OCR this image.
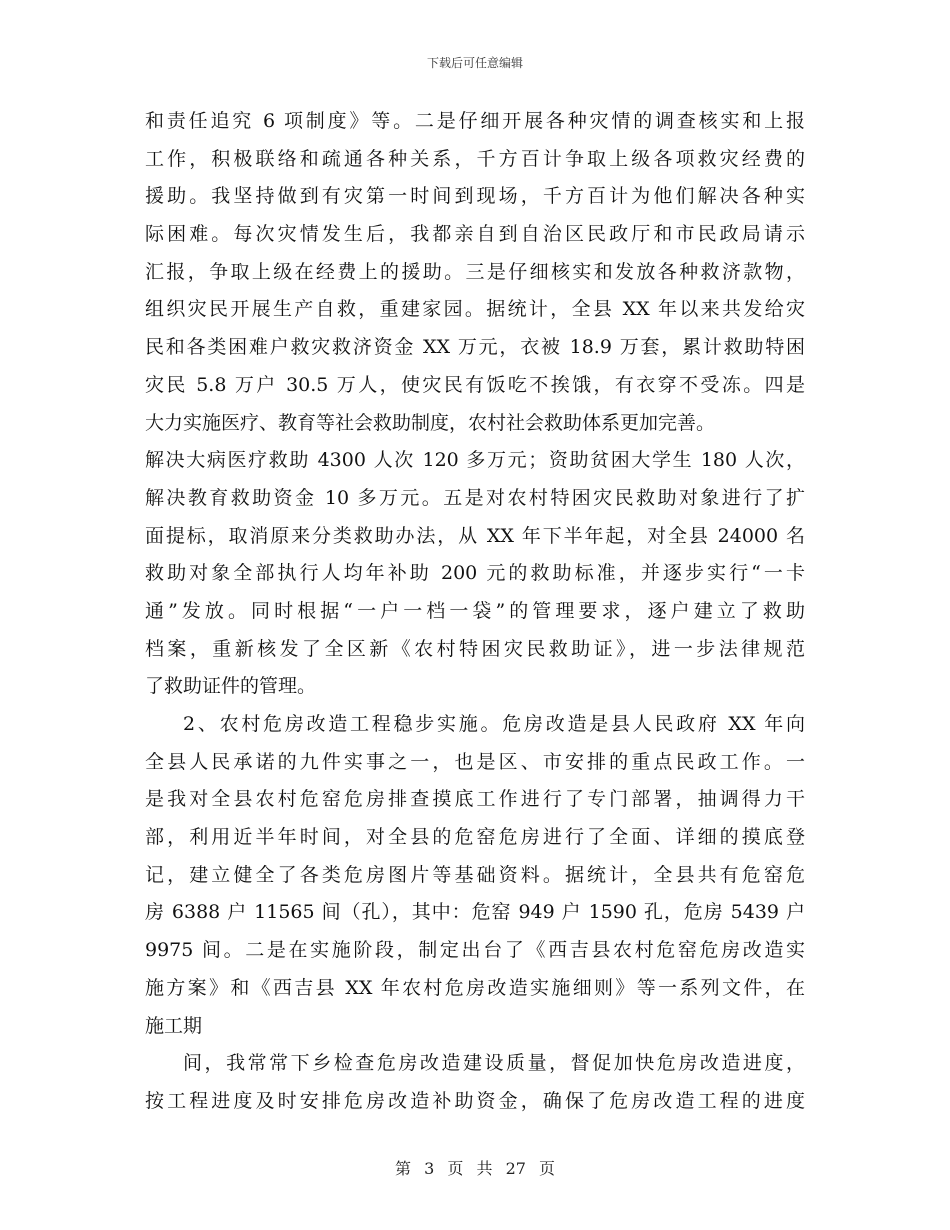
下载后可任意编辑
和责任追究 6 项制度》等。二是仔细开展各种灾情的调查核实和上报
工作，积极联络和疏通各种关系，千方百计争取上级各项救灾经费的
援助。我坚持做到有灾第一时间到现场，千方百计为他们解决各种实
际困难。每次灾情发生后，我都亲自到自治区民政厅和市民政局请示
汇报，争取上级在经费上的援助。三是仔细核实和发放各种救济款物，
组织灾民开展生产自救，重建家园。据统计，全县 XX 年以来共发给灾
民和各类困难户救灾救济资金 XX 万元，衣被 18.9 万套，累计救助特困
灾民 5.8 万户 30.5 万人，使灾民有饭吃不挨饿，有衣穿不受冻。四是
大力实施医疗、教育等社会救助制度，农村社会救助体系更加完善。
解决大病医疗救助 4300 人次 120 多万元；资助贫困大学生 180 人次，
解决教育救助资金 10 多万元。五是对农村特困灾民救助对象进行了扩
面提标，取消原来分类救助办法，从 XX 年下半年起，对全县 24000 名
救助对象全部执行人均年补助 200 元的救助标准，并逐步实行“一卡
通”发放。同时根据“一户一档一袋”的管理要求，逐户建立了救助
档案，重新核发了全区新《农村特困灾民救助证》，进一步法律规范
了救助证件的管理。
2、农村危房改造工程稳步实施。危房改造是县人民政府 XX 年向
全县人民承诺的九件实事之一，也是区、市安排的重点民政工作。一
是我对全县农村危窑危房排查摸底工作进行了专门部署，抽调得力干
部，利用近半年时间，对全县的危窑危房进行了全面、详细的摸底登
记，建立健全了各类危房图片等基础资料。据统计，全县共有危窑危
房 6388 户 11565 间（孔），其中：危窑 949 户 1590 孔，危房 5439 户
9975 间。二是在实施阶段，制定出台了《西吉县农村危窑危房改造实
施方案》和《西吉县 XX 年农村危房改造实施细则》等一系列文件，在
施工期
间，我常常下乡检查危房改造建设质量，督促加快危房改造进度，
按工程进度及时安排危房改造补助资金，确保了危房改造工程的进度
第 3 页 共 27 页
